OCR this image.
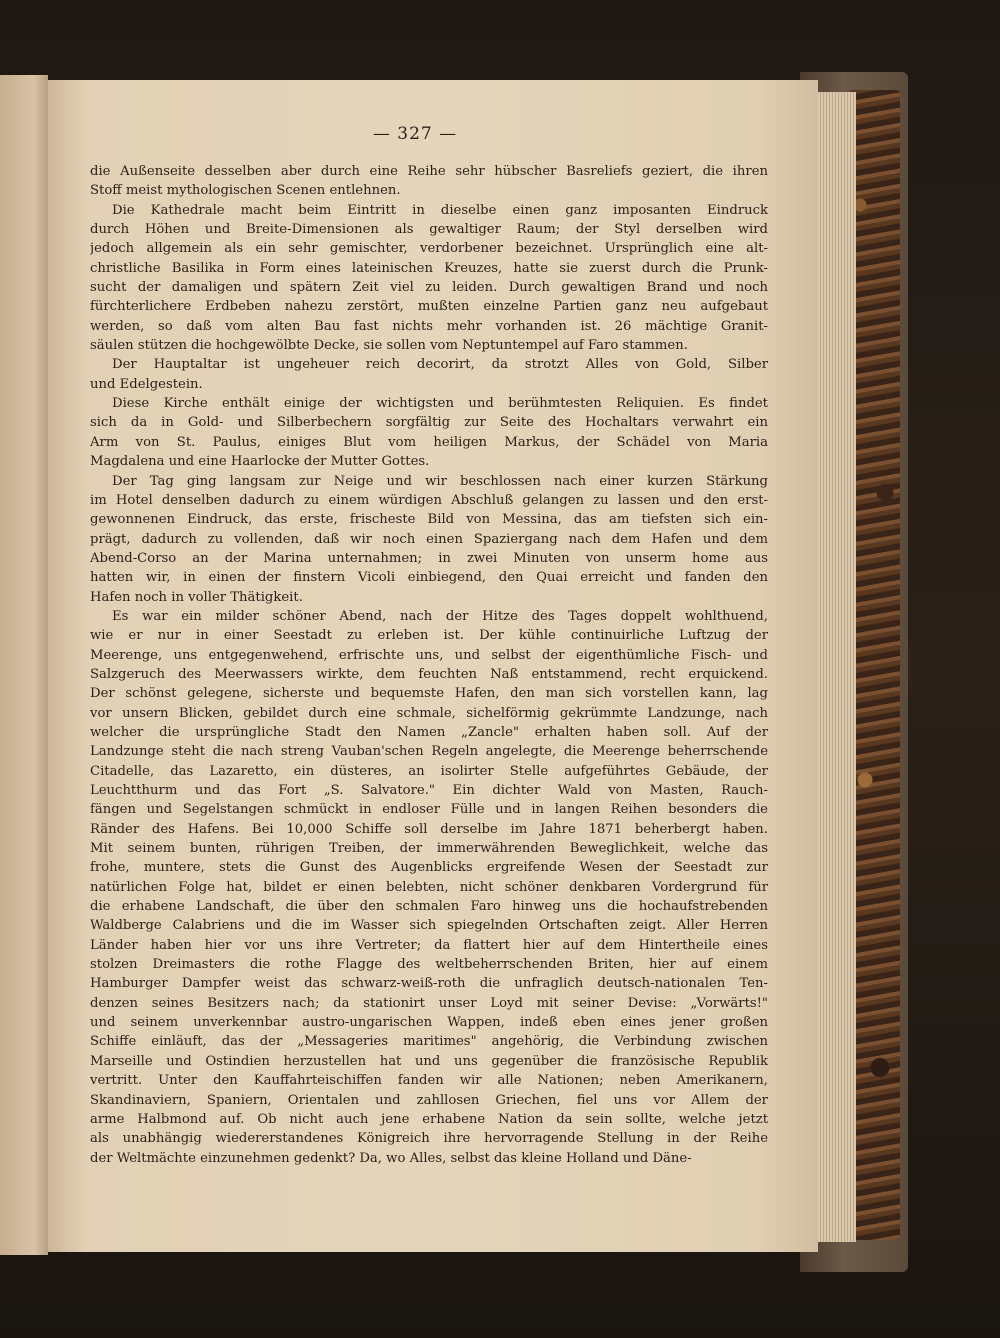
— 327 —
die Außenseite desselben aber durch eine Reihe sehr hübscher Basreliefs geziert, die ihren
Stoff meist mythologischen Scenen entlehnen.
Die Kathedrale macht beim Eintritt in dieselbe einen ganz imposanten Eindruck
durch Höhen und Breite-Dimensionen als gewaltiger Raum; der Styl derselben wird
jedoch allgemein als ein sehr gemischter, verdorbener bezeichnet. Ursprünglich eine alt-
christliche Basilika in Form eines lateinischen Kreuzes, hatte sie zuerst durch die Prunk-
sucht der damaligen und spätern Zeit viel zu leiden. Durch gewaltigen Brand und noch
fürchterlichere Erdbeben nahezu zerstört, mußten einzelne Partien ganz neu aufgebaut
werden, so daß vom alten Bau fast nichts mehr vorhanden ist. 26 mächtige Granit-
säulen stützen die hochgewölbte Decke, sie sollen vom Neptuntempel auf Faro stammen.
Der Hauptaltar ist ungeheuer reich decorirt, da strotzt Alles von Gold, Silber
und Edelgestein.
Diese Kirche enthält einige der wichtigsten und berühmtesten Reliquien. Es findet
sich da in Gold- und Silberbechern sorgfältig zur Seite des Hochaltars verwahrt ein
Arm von St. Paulus, einiges Blut vom heiligen Markus, der Schädel von Maria
Magdalena und eine Haarlocke der Mutter Gottes.
Der Tag ging langsam zur Neige und wir beschlossen nach einer kurzen Stärkung
im Hotel denselben dadurch zu einem würdigen Abschluß gelangen zu lassen und den erst-
gewonnenen Eindruck, das erste, frischeste Bild von Messina, das am tiefsten sich ein-
prägt, dadurch zu vollenden, daß wir noch einen Spaziergang nach dem Hafen und dem
Abend-Corso an der Marina unternahmen; in zwei Minuten von unserm home aus
hatten wir, in einen der finstern Vicoli einbiegend, den Quai erreicht und fanden den
Hafen noch in voller Thätigkeit.
Es war ein milder schöner Abend, nach der Hitze des Tages doppelt wohlthuend,
wie er nur in einer Seestadt zu erleben ist. Der kühle continuirliche Luftzug der
Meerenge, uns entgegenwehend, erfrischte uns, und selbst der eigenthümliche Fisch- und
Salzgeruch des Meerwassers wirkte, dem feuchten Naß entstammend, recht erquickend.
Der schönst gelegene, sicherste und bequemste Hafen, den man sich vorstellen kann, lag
vor unsern Blicken, gebildet durch eine schmale, sichelförmig gekrümmte Landzunge, nach
welcher die ursprüngliche Stadt den Namen „Zancle" erhalten haben soll. Auf der
Landzunge steht die nach streng Vauban'schen Regeln angelegte, die Meerenge beherrschende
Citadelle, das Lazaretto, ein düsteres, an isolirter Stelle aufgeführtes Gebäude, der
Leuchtthurm und das Fort „S. Salvatore." Ein dichter Wald von Masten, Rauch-
fängen und Segelstangen schmückt in endloser Fülle und in langen Reihen besonders die
Ränder des Hafens. Bei 10,000 Schiffe soll derselbe im Jahre 1871 beherbergt haben.
Mit seinem bunten, rührigen Treiben, der immerwährenden Beweglichkeit, welche das
frohe, muntere, stets die Gunst des Augenblicks ergreifende Wesen der Seestadt zur
natürlichen Folge hat, bildet er einen belebten, nicht schöner denkbaren Vordergrund für
die erhabene Landschaft, die über den schmalen Faro hinweg uns die hochaufstrebenden
Waldberge Calabriens und die im Wasser sich spiegelnden Ortschaften zeigt. Aller Herren
Länder haben hier vor uns ihre Vertreter; da flattert hier auf dem Hintertheile eines
stolzen Dreimasters die rothe Flagge des weltbeherrschenden Briten, hier auf einem
Hamburger Dampfer weist das schwarz-weiß-roth die unfraglich deutsch-nationalen Ten-
denzen seines Besitzers nach; da stationirt unser Loyd mit seiner Devise: „Vorwärts!"
und seinem unverkennbar austro-ungarischen Wappen, indeß eben eines jener großen
Schiffe einläuft, das der „Messageries maritimes" angehörig, die Verbindung zwischen
Marseille und Ostindien herzustellen hat und uns gegenüber die französische Republik
vertritt. Unter den Kauffahrteischiffen fanden wir alle Nationen; neben Amerikanern,
Skandinaviern, Spaniern, Orientalen und zahllosen Griechen, fiel uns vor Allem der
arme Halbmond auf. Ob nicht auch jene erhabene Nation da sein sollte, welche jetzt
als unabhängig wiedererstandenes Königreich ihre hervorragende Stellung in der Reihe
der Weltmächte einzunehmen gedenkt? Da, wo Alles, selbst das kleine Holland und Däne-
